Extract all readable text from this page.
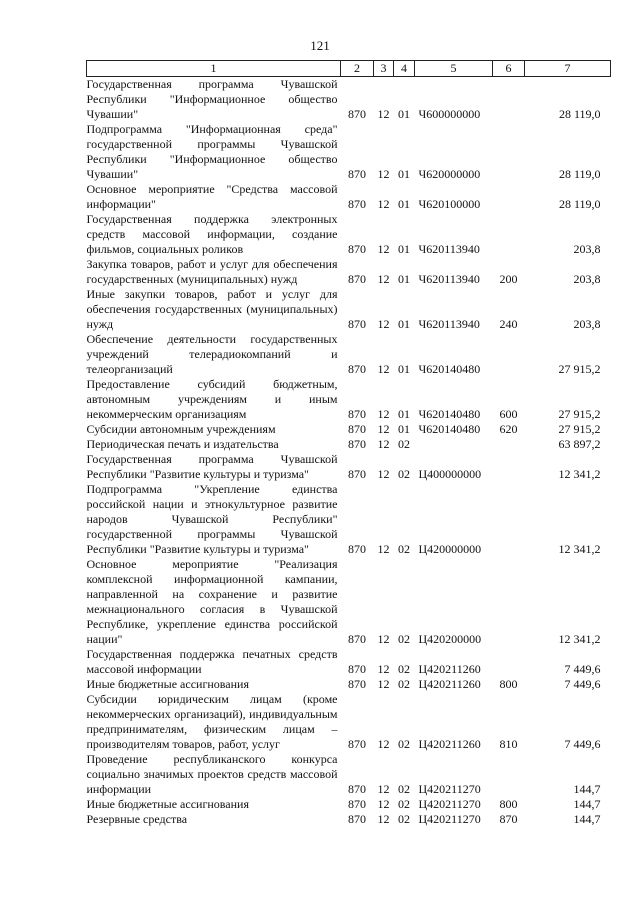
121
1	2	3	4	5	6	7
Государственная программа Чувашской Республики "Информационное общество Чувашии"	870	12	01	Ч600000000		28 119,0
Подпрограмма "Информационная среда" государственной программы Чувашской Республики "Информационное общество Чувашии"	870	12	01	Ч620000000		28 119,0
Основное мероприятие "Средства массовой информации"	870	12	01	Ч620100000		28 119,0
Государственная поддержка электронных средств массовой информации, создание фильмов, социальных роликов	870	12	01	Ч620113940		203,8
Закупка товаров, работ и услуг для обеспечения государственных (муниципальных) нужд	870	12	01	Ч620113940	200	203,8
Иные закупки товаров, работ и услуг для обеспечения государственных (муниципальных) нужд	870	12	01	Ч620113940	240	203,8
Обеспечение деятельности государственных учреждений телерадиокомпаний и телеорганизаций	870	12	01	Ч620140480		27 915,2
Предоставление субсидий бюджетным, автономным учреждениям и иным некоммерческим организациям	870	12	01	Ч620140480	600	27 915,2
Субсидии автономным учреждениям	870	12	01	Ч620140480	620	27 915,2
Периодическая печать и издательства	870	12	02			63 897,2
Государственная программа Чувашской Республики "Развитие культуры и туризма"	870	12	02	Ц400000000		12 341,2
Подпрограмма "Укрепление единства российской нации и этнокультурное развитие народов Чувашской Республики" государственной программы Чувашской Республики "Развитие культуры и туризма"	870	12	02	Ц420000000		12 341,2
Основное мероприятие "Реализация комплексной информационной кампании, направленной на сохранение и развитие межнационального согласия в Чувашской Республике, укрепление единства российской нации"	870	12	02	Ц420200000		12 341,2
Государственная поддержка печатных средств массовой информации	870	12	02	Ц420211260		7 449,6
Иные бюджетные ассигнования	870	12	02	Ц420211260	800	7 449,6
Субсидии юридическим лицам (кроме некоммерческих организаций), индивидуальным предпринимателям, физическим лицам – производителям товаров, работ, услуг	870	12	02	Ц420211260	810	7 449,6
Проведение республиканского конкурса социально значимых проектов средств массовой информации	870	12	02	Ц420211270		144,7
Иные бюджетные ассигнования	870	12	02	Ц420211270	800	144,7
Резервные средства	870	12	02	Ц420211270	870	144,7
